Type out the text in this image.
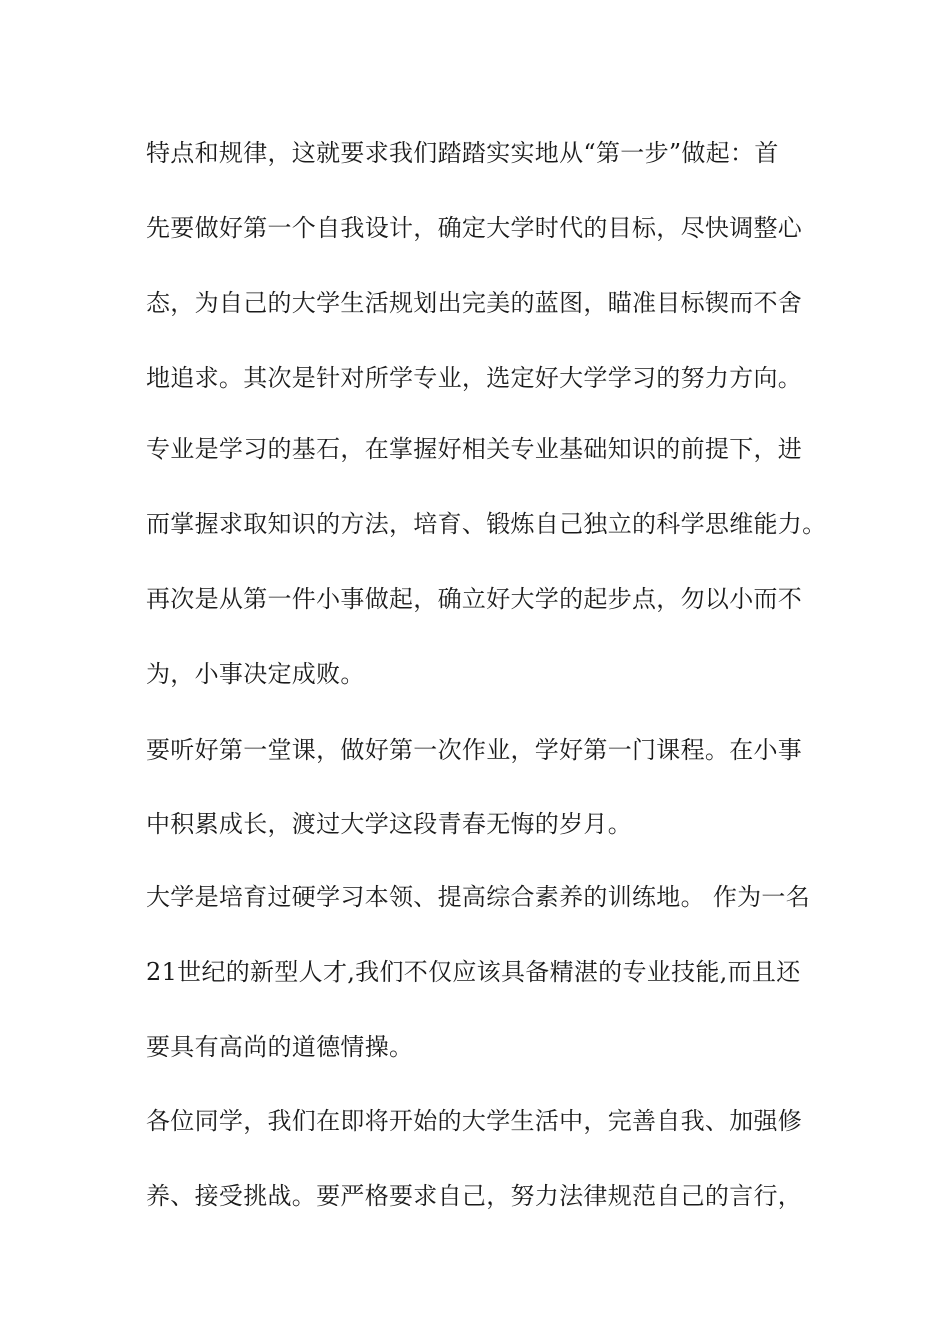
特点和规律，这就要求我们踏踏实实地从“第一步”做起：首
先要做好第一个自我设计，确定大学时代的目标，尽快调整心
态，为自己的大学生活规划出完美的蓝图，瞄准目标锲而不舍
地追求。其次是针对所学专业，选定好大学学习的努力方向。
专业是学习的基石，在掌握好相关专业基础知识的前提下，进
而掌握求取知识的方法，培育、锻炼自己独立的科学思维能力。
再次是从第一件小事做起，确立好大学的起步点，勿以小而不
为，小事决定成败。
要听好第一堂课，做好第一次作业，学好第一门课程。在小事
中积累成长，渡过大学这段青春无悔的岁月。
大学是培育过硬学习本领、提高综合素养的训练地。 作为一名
21世纪的新型人才,我们不仅应该具备精湛的专业技能,而且还
要具有高尚的道德情操。
各位同学，我们在即将开始的大学生活中，完善自我、加强修
养、接受挑战。要严格要求自己，努力法律规范自己的言行，
